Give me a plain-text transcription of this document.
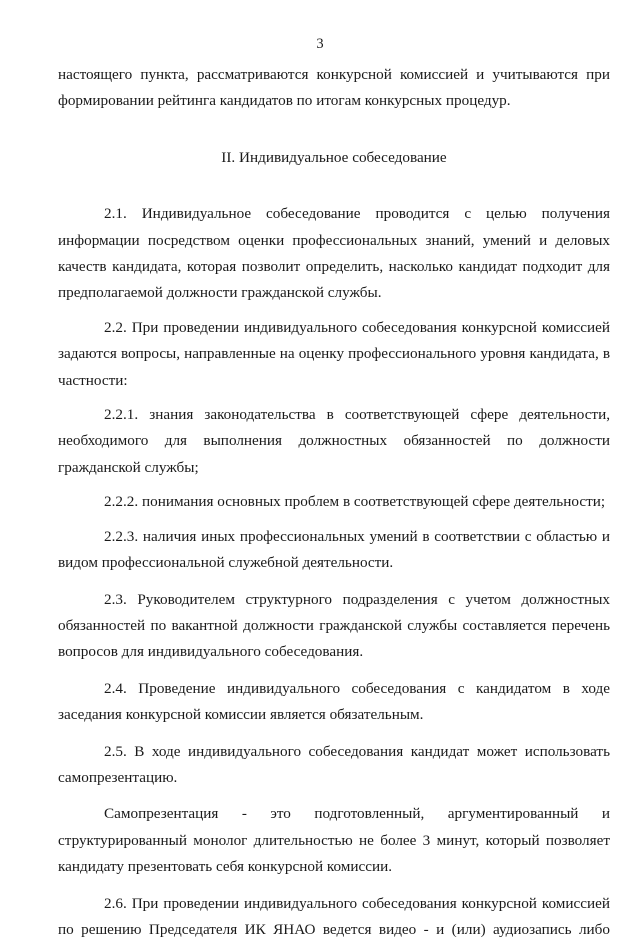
3

настоящего пункта, рассматриваются конкурсной комиссией и учитываются при формировании рейтинга кандидатов по итогам конкурсных процедур.

II. Индивидуальное собеседование

2.1. Индивидуальное собеседование проводится с целью получения информации посредством оценки профессиональных знаний, умений и деловых качеств кандидата, которая позволит определить, насколько кандидат подходит для предполагаемой должности гражданской службы.

2.2. При проведении индивидуального собеседования конкурсной комиссией задаются вопросы, направленные на оценку профессионального уровня кандидата, в частности:

2.2.1. знания законодательства в соответствующей сфере деятельности, необходимого для выполнения должностных обязанностей по должности гражданской службы;

2.2.2. понимания основных проблем в соответствующей сфере деятельности;

2.2.3. наличия иных профессиональных умений в соответствии с областью и видом профессиональной служебной деятельности.

2.3. Руководителем структурного подразделения с учетом должностных обязанностей по вакантной должности гражданской службы составляется перечень вопросов для индивидуального собеседования.

2.4. Проведение индивидуального собеседования с кандидатом в ходе заседания конкурсной комиссии является обязательным.

2.5. В ходе индивидуального собеседования кандидат может использовать самопрезентацию.

Самопрезентация - это подготовленный, аргументированный и структурированный монолог длительностью не более 3 минут, который позволяет кандидату презентовать себя конкурсной комиссии.

2.6. При проведении индивидуального собеседования конкурсной комиссией по решению Председателя ИК ЯНАО ведется видео - и (или) аудиозапись либо
